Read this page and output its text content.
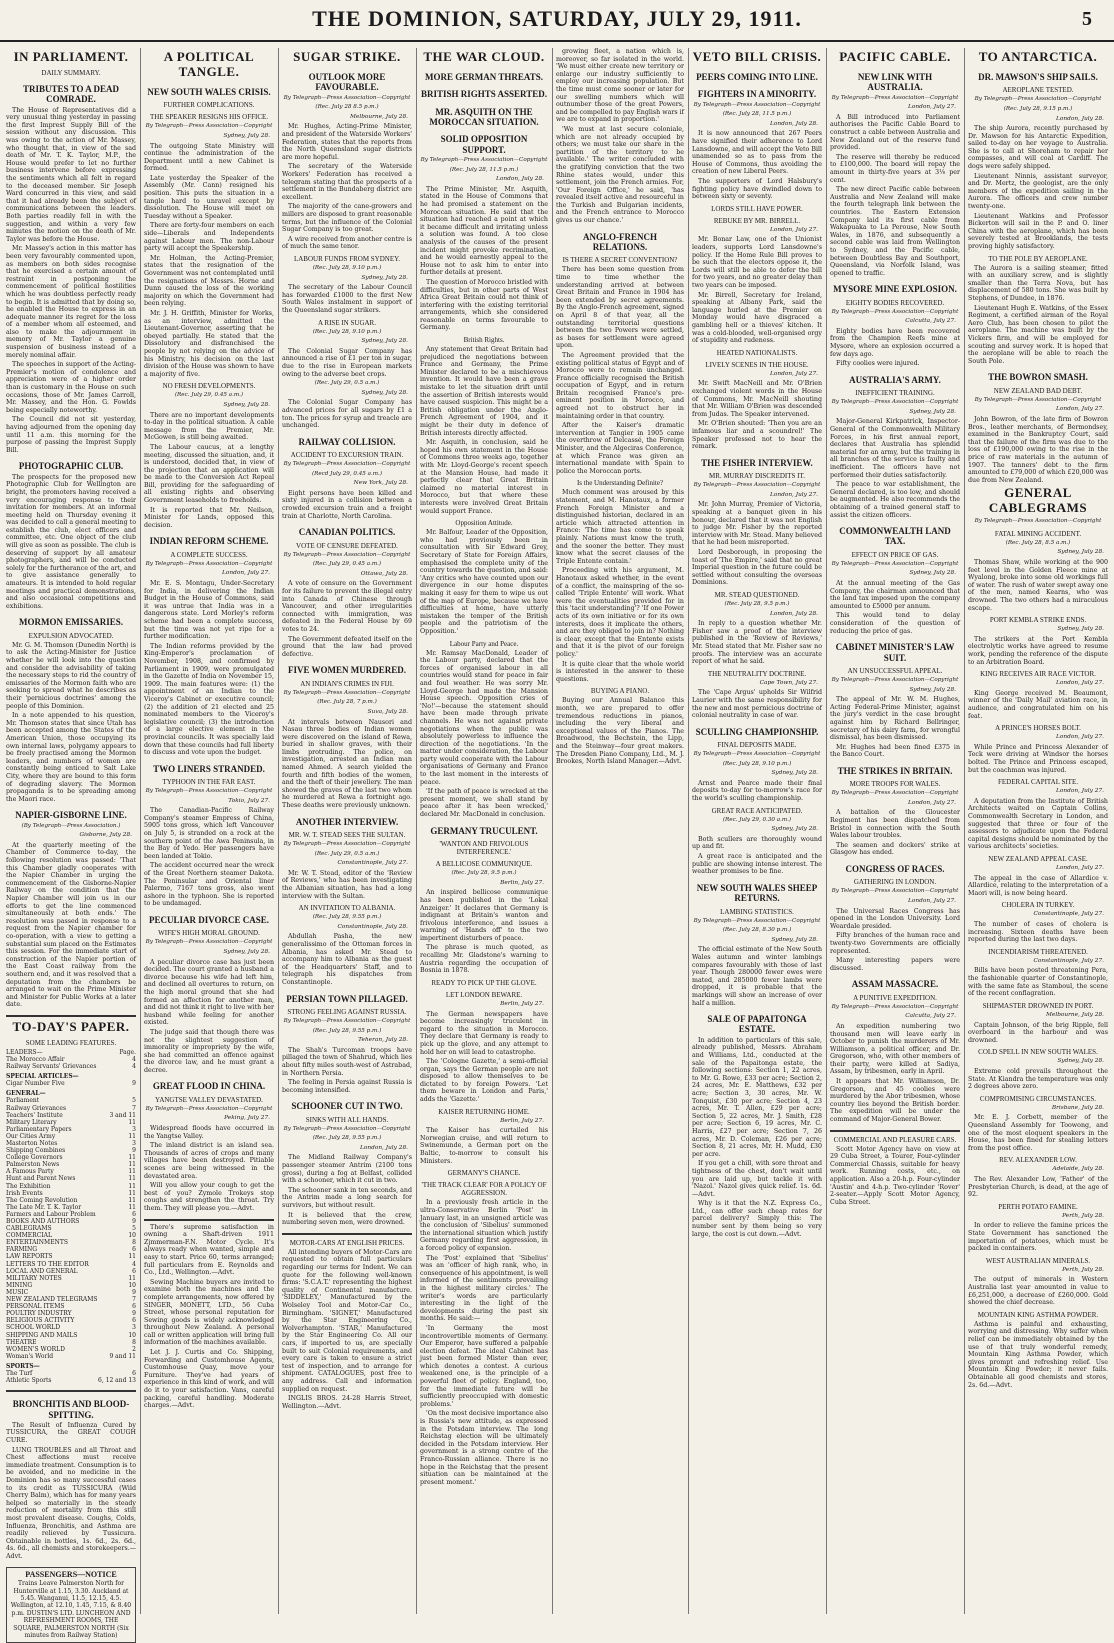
THE DOMINION, SATURDAY, JULY 29, 1911.	5
IN PARLIAMENT.
DAILY SUMMARY.
TRIBUTES TO A DEAD COMRADE.
The House of Representatives did a very unusual thing yesterday in passing the first Imprest Supply Bill of the session without any discussion. This was owing to the action of Mr. Massey, who thought that, in view of the sad death of Mr. T. K. Taylor, M.P., the House would prefer to let no further business intervene before expressing the sentiments which all felt in regard to the deceased member. Sir Joseph Ward concurred in this view, and said that it had already been the subject of communications between the leaders. Both parties readily fell in with the suggestion, and within a very few minutes the motion on the death of Mr. Taylor was before the House.
Mr. Massey's action in this matter has been very favourably commented upon, as members on both sides recognise that he exercised a certain amount of restraint in postponing the commencement of political hostilities which he was doubtless perfectly ready to begin. It is admitted that by doing so, he enabled the House to express in an adequate manner its regret for the loss of a member whom all esteemed, and also to make the adjournment in memory of Mr. Taylor a genuine suspension of business instead of a merely nominal affair.
The speeches in support of the Acting-Premier's motion of condolence and appreciation were of a higher order than is customary in the House on such occasions, those of Mr. James Carroll, Mr. Massey, and the Hon. G. Fowlds being especially noteworthy.
The Council did not sit yesterday, having adjourned from the opening day until 11 a.m. this morning for the purpose of passing the Imprest Supply Bill.
PHOTOGRAPHIC CLUB.
The prospects for the proposed new Photographic Club for Wellington are bright, the promoters having received a very encouraging response to their invitation for members. At an informal meeting held on Thursday evening it was decided to call a general meeting to establish the club, elect officers and committee, etc. One object of the club will give as soon as possible. The club is deserving of support by all amateur photographers, and will be conducted solely for the furtherance of the art, and to give assistance generally to amateurs. It is intended to hold regular meetings and practical demonstrations, and also occasional competitions and exhibitions.
MORMON EMISSARIES.
EXPULSION ADVOCATED.
Mr. G. M. Thomson (Dunedin North) is to ask the Acting-Minister for Justice whether he will look into the question and consider the advisability of taking the necessary steps to rid the country of emissaries of the Mormon faith who are seeking to spread what he describes as their 'pernicious doctrines' among the people of this Dominion.
In a note appended to his question, Mr. Thomson states that since Utah has been accepted among the States of the American Union, those occupying its own internal laws, polygamy appears to be freely practised among the Mormon leaders, and numbers of women are constantly being enticed to Salt Lake City, where they are bound to this form of degrading slavery. The Mormon propaganda is to be spreading among the Maori race.
NAPIER-GISBORNE LINE.
(By Telegraph—Press Association.)
Gisborne, July 28.
At the quarterly meeting of the Chamber of Commerce to-day, the following resolution was passed: 'That this Chamber gladly cooperates with the Napier Chamber in urging the commencement of the Gisborne-Napier Railway on the condition that the Napier Chamber will join us in our efforts to get the line commenced simultaneously at both ends.' The resolution was passed in response to a request from the Napier chamber for co-operation, with a view to getting a substantial sum placed on the Estimates this session. For the immediate start of construction of the Napier portion of the East Coast railway from the southern end, and it was resolved that a deputation from the chambers be arranged to wait on the Prime Minister and Minister for Public Works at a later date.
TO-DAY'S PAPER.
SOME LEADING FEATURES.
LEADERS—	Page.
The Morocco Affair	4
Railway Servants' Grievances	4
SPECIAL ARTICLES—
Cigar Number Five	9
GENERAL—
Parliament	5
Railway Grievances	7
Teachers' Institute	3 and 11
Military Literary	11
Parliamentary Papers	3
Our Cities Army	11
Masterton Notes	3
Shipping Combines	9
College Governors	11
Palmerston News	11
A Famous Party	11
Hunt and Parent News	11
The Exhibition	11
Irish Events	11
The Coming Revolution	11
The Late Mr. T. K. Taylor	11
Farmers and Labour Problem	6
BOOKS AND AUTHORS	9
CABLEGRAMS	5
COMMERCIAL	10
ENTERTAINMENTS	8
FARMING	6
LAW REPORTS	11
LETTERS TO THE EDITOR	4
LOCAL AND GENERAL	6
MILITARY NOTES	11
MINING	10
MUSIC	9
NEW ZEALAND TELEGRAMS	7
PERSONAL ITEMS	6
POULTRY INDUSTRY	9
RELIGIOUS ACTIVITY	6
SCHOOL WORLD	3
SHIPPING AND MAILS	10
THEATRE	8
WOMEN'S WORLD	2
Woman's World	9 and 11
SPORTS—
The Turf	6
Athletic Sports	6, 12 and 13
BRONCHITIS AND BLOOD-SPITTING.
The Result of Influenza Cured by TUSSICURA, the GREAT COUGH CURE.
LUNG TROUBLES and all Throat and Chest affections must receive immediate treatment. Consumption is to be avoided, and no medicine in the Dominion has so many successful cases to its credit as TUSSICURA (Wild Cherry Balm), which has for many years helped so materially in the steady reduction of mortality from this still most prevalent disease. Coughs, Colds, Influenza, Bronchitis, and Asthma are readily relieved by Tussicura. Obtainable in bottles, 1s. 6d., 2s. 6d., 4s. 6d., all chemists and storekeepers.—Advt.
PASSENGERS—NOTICE
Trains Leave Palmerston North for Hunterville at 1.15, 3.30. Auckland at 5.45. Wanganui, 11.5, 12.15, 4.5. Wellington, at 12.10, 1.45, 7.15, & 8.40 p.m. DUSTIN'S LTD. LUNCHEON AND REFRESHMENT ROOMS, THE SQUARE, PALMERSTON NORTH (Six minutes from Railway Station)
A POLITICAL TANGLE.
NEW SOUTH WALES CRISIS.
FURTHER COMPLICATIONS.
THE SPEAKER RESIGNS HIS OFFICE.
By Telegraph—Press Association—Copyright
Sydney, July 28.
The outgoing State Ministry will continue the administration of the Department until a new Cabinet is formed.
Late yesterday the Speaker of the Assembly (Mr. Cann) resigned his position. This puts the situation in a tangle hard to unravel except by dissolution. The House will meet on Tuesday without a Speaker.
There are forty-four members on each side—Liberals and Independents against Labour men. The non-Labour party will accept the Speakership.
Mr. Holman, the Acting-Premier, states that the resignation of the Government was not contemplated until the resignations of Messrs. Horne and Dunn caused the loss of the working majority on which the Government had been relying.
Mr. J. H. Griffith, Minister for Works, as an interview, admitted the Lieutenant-Governor, asserting that he obeyed partially. He stated that the Dissolutory and disfranchised the people by not relying on the advice of his Ministry, his decision on the last division of the House was shown to have a majority of five.
NO FRESH DEVELOPMENTS.
(Rec. July 29, 0.45 a.m.)
Sydney, July 28.
There are no important developments to-day in the political situation. A cable message from the Premier, Mr. McGowen, is still being awaited.
The Labour caucus, at a lengthy meeting, discussed the situation, and, it is understood, decided that, in view of the projection that an application will be made to the Conversion Act Repeal Bill, providing for the safeguarding of all existing rights and observing Government leaseholds to freeholds.
It is reported that Mr. Neilson, Minister for Lands, opposed this decision.
INDIAN REFORM SCHEME.
A COMPLETE SUCCESS.
By Telegraph—Press Association—Copyright
London, July 27.
Mr. E. S. Montagu, Under-Secretary for India, in delivering the Indian Budget in the House of Commons, said it was untrue that India was in a dangerous state. Lord Morley's reform scheme had been a complete success, but the time was not yet ripe for a further modification.
The Indian reforms provided by the King-Emperor's proclamation of November, 1908, and confirmed by Parliament in 1909, were promulgated in the Gazette of India on November 15, 1909. The main features were: (1) the appointment of an Indian to the Viceroy's Cabinet or executive council; (2) the addition of 21 elected and 25 nominated members to the Viceroy's legislative council; (3) the introduction of a large elective element in the provincial councils. It was specially laid down that these councils had full liberty to discuss and vote upon the budget.
TWO LINERS STRANDED.
TYPHOON IN THE FAR EAST.
By Telegraph—Press Association—Copyright
Tokio, July 27.
The Canadian-Pacific Railway Company's steamer Empress of China, 5905 tons gross, which left Vancouver on July 5, is stranded on a rock at the southern point of the Awa Peninsula, in the Bay of Yedo. Her passengers have been landed at Tokio.
The accident occurred near the wreck of the Great Northern steamer Dakota. The Peninsular and Oriental liner Palermo, 7167 tons gross, also went ashore in the typhoon. She is reported to be undamaged.
PECULIAR DIVORCE CASE.
WIFE'S HIGH MORAL GROUND.
By Telegraph—Press Association—Copyright
Sydney, July 28.
A peculiar divorce case has just been decided. The court granted a husband a divorce because his wife had left him, and declined all overtures to return, on the high moral ground that she had formed an affection for another man, and did not think it right to live with her husband while feeling for another existed.
The judge said that though there was not the slightest suggestion of immorality or impropriety by the wife, she had committed an offence against the divorce law, and he must grant a decree.
GREAT FLOOD IN CHINA.
YANGTSE VALLEY DEVASTATED.
By Telegraph—Press Association—Copyright
Peking, July 27.
Widespread floods have occurred in the Yangtse Valley.
The inland district is an island sea. Thousands of acres of crops and many villages have been destroyed. Pitiable scenes are being witnessed in the devastated area.
Will you allow your cough to get the best of you? Zymole Trokeys stop coughs and strengthen the throat. Try them. They will please you.—Advt.
There's supreme satisfaction in owning a Shaft-driven 1911 Zjmmerman-F.N. Motor Cycle. It's always ready when wanted, simple and easy to start. Price 60, terms arranged; full particulars from E. Reynolds and Co., Ltd., Wellington.—Advt.
Sewing Machine buyers are invited to examine both the machines and the complete arrangements, now offered by SINGER, MONETT, LTD., 56 Cuba Street, whose personal reputation for Sewing goods is widely acknowledged throughout New Zealand. A personal call or written application will bring full information of the machines available.
Let J. J. Curtis and Co. Shipping, Forwarding and Customhouse Agents, Customhouse Quay, move your Furniture. They've had years of experience in this kind of work, and will do it to your satisfaction. Vans, careful packing, careful handling. Moderate charges.—Advt.
SUGAR STRIKE.
OUTLOOK MORE FAVOURABLE.
By Telegraph—Press Association—Copyright
(Rec. July 28 8.5 p.m.)
Melbourne, July 28.
Mr. Hughes, Acting-Prime Minister, and president of the Waterside Workers' Federation, states that the reports from the North Queensland sugar districts are more hopeful.
The secretary of the Waterside Workers' Federation has received a telegram stating that the prospects of a settlement in the Bundaberg district are excellent.
The majority of the cane-growers and millers are disposed to grant reasonable terms, but the influence of the Colonial Sugar Company is too great.
A wire received from another centre is of much the same tenor.
LABOUR FUNDS FROM SYDNEY.
(Rec. July 28, 9.10 p.m.)
Sydney, July 28.
The secretary of the Labour Council has forwarded £1000 to the first New South Wales instalment in support of the Queensland sugar strikers.
A RISE IN SUGAR.
(Rec. July 28, 9.10 p.m.)
Sydney, July 28.
The Colonial Sugar Company has announced a rise of £1 per ton in sugar, due to the rise in European markets owing to the adverse beet crops.
(Rec. July 29, 0.5 a.m.)
Sydney, July 28.
The Colonial Sugar Company has advanced prices for all sugars by £1 a ton. The prices for syrup and treacle are unchanged.
RAILWAY COLLISION.
ACCIDENT TO EXCURSION TRAIN.
By Telegraph—Press Association—Copyright
(Recd July 29, 0.45 a.m.)
New York, July 28.
Eight persons have been killed and sixty injured in a collision between a crowded excursion train and a freight train at Charlotte, North Carolina.
CANADIAN POLITICS.
VOTE OF CENSURE DEFEATED.
By Telegraph—Press Association—Copyright
(Rec. July 29, 0.45 a.m.)
Ottawa, July 28.
A vote of censure on the Government for its failure to prevent the illegal entry into Canada of Chinese through Vancouver, and other irregularities connected with immigration, was defeated in the Federal House by 69 votes to 24.
The Government defeated itself on the ground that the law had proved defective.
FIVE WOMEN MURDERED.
AN INDIAN'S CRIMES IN FIJI.
By Telegraph—Press Association—Copyright
(Rec. July 28, 7 p.m.)
Suva, July 28.
At intervals between Nausori and Nasau three bodies of Indian women were discovered on the island of Rewa, buried in shallow graves, with their limbs protruding. The police, on investigation, arrested an Indian man named Ahmed. A search yielded the fourth and fifth bodies of the women, and the theft of their jewellery. The man showed the graves of the last two whom he murdered at Rewa a fortnight ago. These deaths were previously unknown.
ANOTHER INTERVIEW.
MR. W. T. STEAD SEES THE SULTAN.
By Telegraph—Press Association—Copyright
(Rec. July 29, 0.5 a.m.)
Constantinople, July 27.
Mr. W. T. Stead, editor of the 'Review of Reviews,' who has been investigating the Albanian situation, has had a long interview with the Sultan.
AN INVITATION TO ALBANIA.
(Rec. July 28, 9.55 p.m.)
Constantinople, July 28.
Abdullah Pasha, the new generalissimo of the Ottoman forces in Albania, has asked Mr. Stead to accompany him to Albania as the guest of the Headquarters' Staff, and to telegraph his dispatches from Constantinople.
PERSIAN TOWN PILLAGED.
STRONG FEELING AGAINST RUSSIA.
By Telegraph—Press Association—Copyright
(Rec. July 28, 9.55 p.m.)
Teheran, July 28.
The Shah's Turcoman troops have pillaged the town of Shahrud, which lies about fifty miles south-west of Astrabad, in Northern Persia.
The feeling in Persia against Russia is becoming intensified.
SCHOONER CUT IN TWO.
SINKS WITH ALL HANDS.
By Telegraph—Press Association—Copyright
(Rec. July 28, 9.55 p.m.)
London, July 28.
The Midland Railway Company's passenger steamer Antrim (2100 tons gross), during a fog at Belfast, collided with a schooner, which it cut in two.
The schooner sank in ten seconds, and the Antrim made a long search for survivors, but without result.
It is believed that the crew, numbering seven men, were drowned.
MOTOR-CARS AT ENGLISH PRICES.
All intending buyers of Motor-Cars are requested to obtain full particulars regarding our terms for Indent. We can quote for the following well-known firms: 'S.C.A.T.' representing the highest quality of Continental manufacture. 'SIDDELEY,' Manufactured by the Wolseley Tool and Motor-Car Co., Birmingham. 'SIGNET,' Manufactured by the Star Engineering Co., Wolverhampton. 'STAR,' Manufactured by the Star Engineering Co. All our cars, if imported to us, are specially built to suit Colonial requirements, and every care is taken to ensure a strict test of inspection, and to arrange for shipment. CATALOGUES, post free to any address. Call and information supplied on request.
INGLIS BROS. 24-28 Harris Street, Wellington.—Advt.
THE WAR CLOUD.
MORE GERMAN THREATS.
BRITISH RIGHTS ASSERTED.
MR. ASQUITH ON THE MOROCCAN SITUATION.
SOLID OPPOSITION SUPPORT.
By Telegraph—Press Association—Copyright
(Rec. July 28, 11.5 p.m.)
London, July 28.
The Prime Minister, Mr. Asquith, stated in the House of Commons that he had promised a statement on the Moroccan situation. He said that the situation had reached a point at which it became difficult and irritating unless a solution was found. A too close analysis of the causes of the present incident might provoke recrimination, and he would earnestly appeal to the House not to ask him to enter into further details at present.
The question of Morocco bristled with difficulties, but in other parts of West Africa Great Britain could not think of interfering with the existing territorial arrangements, which she considered reasonable on terms favourable to Germany.
British Rights.
Any statement that Great Britain had prejudiced the negotiations between France and Germany, the Prime Minister declared to be a mischievous invention. It would have been a grave mistake to let the situation drift until the assertion of British interests would have caused suspicion. This might be a British obligation under the Anglo-French Agreement of 1904, and it might be their duty in defence of British interests directly affected.
Mr. Asquith, in conclusion, said he hoped his own statement in the House of Commons three weeks ago, together with Mr. Lloyd-George's recent speech at the Mansion House, had made it perfectly clear that Great Britain claimed no material interest in Morocco, but that where these interests were involved Great Britain would support France.
Opposition Attitude.
Mr. Balfour, Leader of the Opposition, who had previously been in consultation with Sir Edward Grey, Secretary of State for Foreign Affairs, emphasised the complete unity of the country towards the question, and said: 'Any critics who have counted upon our divergence in our home disputes making it easy for them to wipe us out of the map of Europe, because we have difficulties at home, have utterly mistaken the temper of the British people and the patriotism of the Opposition.'
Labour Party and Peace.
Mr. Ramsay MacDonald, Leader of the Labour party, declared that the forces of organised labour in all countries would stand for peace in fair and foul weather. He was sorry Mr. Lloyd-George had made the Mansion House speech. Opposition cries of 'No!'—because the statement should have been made through private channels. He was not against private negotiations when the public was absolutely powerless to influence the direction of the negotiations. 'In the matter under consideration, the Labour party would cooperate with the Labour organisations of Germany and France to the last moment in the interests of peace.
'If the path of peace is wrecked at the present moment, we shall stand by peace after it has been wrecked,' declared Mr. MacDonald in conclusion.
GERMANY TRUCULENT.
'WANTON AND FRIVOLOUS INTERFERENCE.'
A BELLICOSE COMMUNIQUE.
(Rec. July 28, 9.5 p.m.)
Berlin, July 27.
An inspired bellicose communique has been published in the 'Lokal Anzeiger.' It declares that Germany is indignant at Britain's wanton and frivolous interference, and issues a warning of 'Hands off' to the two impertinent disturbers of peace.
The phrase is much quoted, as recalling Mr. Gladstone's warning to Austria regarding the occupation of Bosnia in 1878.
READY TO PICK UP THE GLOVE.
LET LONDON BEWARE.
Berlin, July 27.
The German newspapers have become increasingly truculent in regard to the situation in Morocco. They declare that Germany is ready to pick up the glove, and any attempt to hold her on will lead to catastrophe.
The 'Cologne Gazette,' a semi-official organ, says the German people are not disposed to allow themselves to be dictated to by foreign Powers. 'Let them beware in London and Paris,' adds the 'Gazette.'
KAISER RETURNING HOME.
Berlin, July 27.
The Kaiser has curtailed his Norwegian cruise, and will return to Swinemunde, a German port on the Baltic, to-morrow to consult his Ministers.
GERMANY'S CHANCE.
'THE TRACK CLEAR' FOR A POLICY OF AGGRESSION.
In a previously fresh article in the ultra-Conservative Berlin 'Post' in January last, in an unsigned article was the conclusion of 'Sibelius' summoned the international situation which justify Germany regarding first aggression, in a forced policy of expansion.
The 'Post' explained that 'Sibelius' was an 'officer of high rank, who, in consequence of his appointment, is well informed of the sentiments prevailing in the highest military circles.' The writer's words are particularly interesting in the light of the developments during the past six months. He said:—
'In Germany the most incontrovertible moments of Germany. Our Emperor, have suffered a palpable election defeat. The ideal Cabinet has just been formed Mister than ever, which denotes a contest. A curious weakened one, is the principle of a powerful fleet of policy. England, too, for the immediate future will be sufficiently preoccupied with domestic problems.'
'On the most decisive importance also is Russia's new attitude, as expressed in the Potsdam interview. The long Reichstag election will be ultimately decided in the Potsdam interview. Her government is a strong centre of the Franco-Russian alliance. There is no hope in the Reichstag that the present situation can be maintained at the present moment.'
growing fleet, a nation which is, moreover, so far isolated in the world. 'We must either create new territory or enlarge our industry sufficiently to employ our increasing population. But the time must come sooner or later for our swelling numbers which will outnumber those of the great Powers, and be compelled to pay English wars if we are to expand in proportion.'
'We must at last secure coloniale, which are not already occupied by others; we must take our share in the partition of the territory to be available.' The writer concluded with the gratifying conviction that the two Rhine states would, under this settlement, join the French armies. For, 'Our Foreign Office,' he said, 'has revealed itself active and resourceful in the Turkish and Bulgarian incidents, and the French entrance to Morocco gives us our chance.'
ANGLO-FRENCH RELATIONS.
IS THERE A SECRET CONVENTION?
There has been some question from time to time whether the understanding arrived at between Great Britain and France in 1904 has been extended by secret agreements. By the Anglo-French agreement, signed on April 8 of that year, all the outstanding territorial questions between the two Powers were settled, as bases for settlement were agreed upon.
The Agreement provided that the existing political status of Egypt and of Morocco were to remain unchanged. France officially recognised the British occupation of Egypt, and in return Britain recognised France's pre-eminent position in Morocco, and agreed not to obstruct her in maintaining order in that country.
After the Kaiser's dramatic intervention at Tangier in 1905 came the overthrow of Delcassé, the Foreign Minister, and the Algeciras Conference, at which France was given an international mandate with Spain to police the Moroccan ports.
Is the Understanding Definite?
Much comment was aroused by this statement, and M. Hanotaux, a former French Foreign Minister and a distinguished historian, declared in an article which attracted attention in France: 'The time has come to speak plainly. Nations must know the truth, and the sooner the better. They must know what the secret clauses of the Triple Entente contain.'
Proceeding with his argument, M. Hanotaux asked whether, in the event of a conflict, the mainspring of the so-called 'Triple Entente' will work. What were the eventualities provided for in this 'tacit understanding'? 'If one Power acts of its own initiative or for its own interests, does it implicate the others, and are they obliged to join in? Nothing is clear, except that the Entente exists and that it is the pivot of our foreign policy.'
It is quite clear that the whole world is interested in the answer to these questions.
BUYING A PIANO.
Buying our Annual Balance this month, we are prepared to offer tremendous reductions in pianos, including the very liberal and exceptional values of the Pianos. The Broadwood, the Bechstein, the Lipp, and the Steinway—four great makers. The Dresden Piano Company, Ltd., M. J. Brookes, North Island Manager.—Advt.
VETO BILL CRISIS.
PEERS COMING INTO LINE.
FIGHTERS IN A MINORITY.
By Telegraph—Press Association—Copyright
(Rec. July 28, 11.5 p.m.)
London, July 28.
It is now announced that 267 Peers have signified their adherence to Lord Lansdowne, and will accept the Veto Bill unamended so as to pass from the House of Commons, thus avoiding the creation of new Liberal Peers.
The supporters of Lord Halsbury's fighting policy have dwindled down to between sixty or seventy.
LORDS STILL HAVE POWER.
REBUKE BY MR. BIRRELL.
London, July 27.
Mr. Bonar Law, one of the Unionist leaders, supports Lord Lansdowne's policy. If the Home Rule Bill proves to be such that the electors oppose it, the Lords will still be able to defer the bill for two years, and no greater delay than two years can be imposed.
Mr. Birrell, Secretary for Ireland, speaking at Albany Park, said the language hurled at the Premier on Monday would have disgraced a gambling hell or a thieves' kitchen. It was a cold-blooded, well-organised orgy of stupidity and rudeness.
HEATED NATIONALISTS.
LIVELY SCENES IN THE HOUSE.
London, July 27.
Mr. Swift MacNeill and Mr. O'Brien exchanged violent words in the House of Commons, Mr. MacNeill shouting that Mr. William O'Brien was descended from Judas. The Speaker intervened.
Mr. O'Brien shouted: 'Then you are an infamous liar and a scoundrel!' The Speaker professed not to hear the remark.
THE FISHER INTERVIEW.
MR. MURRAY DISCREDITS IT.
By Telegraph—Press Association—Copyright
London, July 27.
Mr. John Murray, Premier of Victoria, speaking at a banquet given in his honour, declared that it was not English to judge Mr. Fisher by the reported interview with Mr. Stead. Many believed that he had been misreported.
Lord Desborough, in proposing the toast of 'The Empire,' said that no great Imperial question in the future could be settled without consulting the overseas Dominions.
MR. STEAD QUESTIONED.
(Rec. July 28, 9.5 p.m.)
London, July 28.
In reply to a question whether Mr. Fisher saw a proof of the interview published in the 'Review of Reviews,' Mr. Stead stated that Mr. Fisher saw no proofs. The interview was an accurate report of what he said.
THE NEUTRALITY DOCTRINE.
Cape Town, July 27.
The 'Cape Argus' upholds Sir Wilfrid Laurier with the same responsibility for the new and most pernicious doctrine of colonial neutrality in case of war.
SCULLING CHAMPIONSHIP.
FINAL DEPOSITS MADE.
By Telegraph—Press Association—Copyright
(Rec. July 28, 9.10 p.m.)
Sydney, July 28.
Arnst and Pearce made their final deposits to-day for to-morrow's race for the world's sculling championship.
GREAT RACE ANTICIPATED.
(Rec. July 29, 0.30 a.m.)
Sydney, July 28.
Both scullers are thoroughly wound up and fit.
A great race is anticipated and the public are showing intense interest. The weather promises to be fine.
NEW SOUTH WALES SHEEP RETURNS.
LAMBING STATISTICS.
By Telegraph—Press Association—Copyright
(Rec. July 28, 8.30 p.m.)
Sydney, July 28.
The official estimate of the New South Wales autumn and winter lambings compares favourably with those of last year. Though 280000 fewer ewes were mated, and 285000 fewer lambs were dropped, it is probable that the markings will show an increase of over half a million.
SALE OF PAPAITONGA ESTATE.
In addition to particulars of this sale, already published, Messrs. Abraham and Williams, Ltd., conducted at the sale of the Papaitonga estate, the following sections: Section 1, 22 acres, to Mr. G. Rowe, £33 per acre; Section 2, 24 acres, Mr. E. Matthews, £32 per acre; Section 3, 30 acres, Mr. W. Tonquist, £30 per acre; Section 4, 23 acres, Mr. T. Allen, £29 per acre; Section 5, 22 acres, Mr. J. Smith, £28 per acre; Section 6, 19 acres, Mr. C. Harris, £27 per acre; Section 7, 26 acres, Mr. D. Coleman, £26 per acre; Section 8, 21 acres, Mr. H. Mudd, £30 per acre.
If you get a chill, with sore throat and tightness of the chest, don't wait until you are laid up, but tackle it with 'Nazol.' Nazol gives quick relief. 1s. 6d.—Advt.
Why is it that the N.Z. Express Co., Ltd., can offer such cheap rates for parcel delivery? Simply this: The number sent by them being so very large, the cost is cut down.—Advt.
PACIFIC CABLE.
NEW LINK WITH AUSTRALIA.
By Telegraph—Press Association—Copyright
London, July 27.
A Bill introduced into Parliament authorises the Pacific Cable Board to construct a cable between Australia and New Zealand out of the reserve fund provided.
The reserve will thereby be reduced to £100,000. The board will repay the amount in thirty-five years at 3⅛ per cent.
The new direct Pacific cable between Australia and New Zealand will make the fourth telegraph link between the countries. The Eastern Extension Company laid its first cable from Wakapuaka to La Perouse, New South Wales, in 1876, and subsequently a second cable was laid from Wellington to Sydney, and the Pacific cable, between Doubtless Bay and Southport, Queensland, via Norfolk Island, was opened to traffic.
MYSORE MINE EXPLOSION.
EIGHTY BODIES RECOVERED.
By Telegraph—Press Association—Copyright
Calcutta, July 27.
Eighty bodies have been recovered from the Champion Reefs mine at Mysore, where an explosion occurred a few days ago.
Fifty coolies were injured.
AUSTRALIA'S ARMY.
INEFFICIENT TRAINING.
By Telegraph—Press Association—Copyright
Sydney, July 28.
Major-General Kirkpatrick, Inspector-General of the Commonwealth Military Forces, in his first annual report, declares that Australia has splendid material for an army, but the training in all branches of the service is faulty and inefficient. The officers have not performed their duties satisfactorily.
The peace to war establishment, the General declared, is too low, and should be augmented. He also recommends the obtaining of a trained general staff to assist the citizen officers.
COMMONWEALTH LAND TAX.
EFFECT ON PRICE OF GAS.
By Telegraph—Press Association—Copyright
Sydney, July 28.
At the annual meeting of the Gas Company, the chairman announced that the land tax imposed upon the company amounted to £5000 per annum.
This would tend to delay consideration of the question of reducing the price of gas.
CABINET MINISTER'S LAW SUIT.
AN UNSUCCESSFUL APPEAL.
By Telegraph—Press Association—Copyright
Sydney, July 28.
The appeal of Mr. W. M. Hughes, Acting Federal-Prime Minister, against the jury's verdict in the case brought against him by Richard Bellringer, secretary of his dairy farm, for wrongful dismissal, has been dismissed.
Mr. Hughes had been fined £375 in the Banco Court.
THE STRIKES IN BRITAIN.
MORE TROOPS FOR WALES.
By Telegraph—Press Association—Copyright
London, July 27.
A battalion of the Gloucester Regiment has been dispatched from Bristol in connection with the South Wales labour troubles.
The seamen and dockers' strike at Glasgow has ended.
CONGRESS OF RACES.
GATHERING IN LONDON.
By Telegraph—Press Association—Copyright
London, July 27.
The Universal Races Congress has opened in the London University. Lord Weardale presided.
Fifty branches of the human race and twenty-two Governments are officially represented.
Many interesting papers were discussed.
ASSAM MASSACRE.
A PUNITIVE EXPEDITION.
By Telegraph—Press Association—Copyright
Calcutta, July 27.
An expedition numbering two thousand men will leave early in October to punish the murderers of Mr. Williamson, a political officer, and Dr. Gregorson, who, with other members of their party, were killed at Sadiya, Assam, by tribesmen, early in April.
It appears that Mr. Williamson, Dr. Gregorson, and 45 coolies were murdered by the Abor tribesmen, whose country lies beyond the British border. The expedition will be under the command of Major-General Bower.
COMMERCIAL AND PLEASURE CARS.
Scott Motor Agency have on view at 29 Cuba Street, a Tourer, Four-cylinder Commercial Chassis, suitable for heavy work. Running costs, etc., on application. Also a 20-h.p. Four-cylinder 'Austin' and 4-h.p. Two-cylinder 'Rover' 2-seater.—Apply Scott Motor Agency, Cuba Street.
TO ANTARCTICA.
DR. MAWSON'S SHIP SAILS.
AEROPLANE TESTED.
By Telegraph—Press Association—Copyright
(Rec. July 28, 9.15 p.m.)
London, July 28.
The ship Aurora, recently purchased by Dr. Mawson for his Antarctic Expedition, sailed to-day on her voyage to Australia. She is to call at Shoreham to repair her compasses, and will coal at Cardiff. The dogs were safely shipped.
Lieutenant Ninnis, assistant surveyor, and Dr. Mertz, the geologist, are the only members of the expedition sailing in the Aurora. The officers and crew number twenty-one.
Lieutenant Watkins and Professor Bickerton will sail in the P. and O. liner China with the aeroplane, which has been severely tested at Brooklands, the tests proving highly satisfactory.
TO THE POLE BY AEROPLANE.
The Aurora is a sailing steamer, fitted with an auxiliary screw, and is slightly smaller than the Terra Nova, but has displacement of 580 tons. She was built by Stephens, of Dundee, in 1876.
Lieutenant Hugh E. Watkins, of the Essex Regiment, a certified airman of the Royal Aero Club, has been chosen to pilot the aeroplane. The machine was built by the Vickers firm, and will be employed for scouting and survey work. It is hoped that the aeroplane will be able to reach the South Pole.
THE BOWRON SMASH.
NEW ZEALAND BAD DEBT.
By Telegraph—Press Association—Copyright
London, July 27.
John Bowron, of the late firm of Bowron Bros., leather merchants, of Bermondsey, examined in the Bankruptcy Court, said that the failure of the firm was due to the loss of £190,000 owing to the rise in the price of raw materials in the autumn of 1907. The tanners' debt to the firm amounted to £79,000 of which £20,000 was due from New Zealand.
GENERAL CABLEGRAMS
By Telegraph—Press Association—Copyright
FATAL MINING ACCIDENT.
(Rec. July 28, 8.5 a.m.)
Sydney, July 28.
Thomas Shaw, while working at the 900 feet level in the Golden Fleece mine at Wyalong, broke into some old workings full of water. The rush of water swept away one of the men, named Kearns, who was drowned. The two others had a miraculous escape.
PORT KEMBLA STRIKE ENDS.
Sydney, July 28.
The strikers at the Port Kembla electrolytic works have agreed to resume work, pending the reference of the dispute to an Arbitration Board.
KING RECEIVES AIR RACE VICTOR.
London, July 27.
King George received M. Beaumont, winner of the 'Daily Mail' aviation race, in audience, and congratulated him on his feat.
A PRINCE'S HORSES BOLT.
London, July 27.
While Prince and Princess Alexander of Teck were driving at Windsor the horses bolted. The Prince and Princess escaped, but the coachman was injured.
FEDERAL CAPITAL SITE.
London, July 27.
A deputation from the Institute of British Architects waited on Captain Collins, Commonwealth Secretary in London, and suggested that three or four of the assessors to adjudicate upon the Federal capital designs should be nominated by the various architects' societies.
NEW ZEALAND APPEAL CASE.
London, July 27.
The appeal in the case of Allardice v. Allardice, relating to the interpretation of a Maori will, is now being heard.
CHOLERA IN TURKEY.
Constantinople, July 27.
The number of cases of cholera is increasing. Sixteen deaths have been reported during the last two days.
INCENDIARISM THREATENED.
Constantinople, July 27.
Bills have been posted threatening Pera, the fashionable quarter of Constantinople, with the same fate as Stamboul, the scene of the recent conflagration.
SHIPMASTER DROWNED IN PORT.
Melbourne, July 28.
Captain Johnson, of the brig Ripple, fell overboard in the harbour and was drowned.
COLD SPELL IN NEW SOUTH WALES.
Sydney, July 28.
Extreme cold prevails throughout the State. At Kiandra the temperature was only 2 degrees above zero.
COMPROMISING CIRCUMSTANCES.
Brisbane, July 28.
Mr. E. J. Corbett, member of the Queensland Assembly for Toowong, and one of the most eloquent speakers in the House, has been fined for stealing letters from the post office.
REV. ALEXANDER LOW.
Adelaide, July 28.
The Rev. Alexander Low, 'Father' of the Presbyterian Church, is dead, at the age of 92.
PERTH POTATO FAMINE.
Perth, July 28.
In order to relieve the famine prices the State Government has sanctioned the importation of potatoes, which must be packed in containers.
WEST AUSTRALIAN MINERALS.
Perth, July 28.
The output of minerals in Western Australia last year amounted in value to £6,251,000, a decrease of £260,000. Gold showed the chief decrease.
MOUNTAIN KING ASTHMA POWDER.
Asthma is painful and exhausting, worrying and distressing. Why suffer when relief can be immediately obtained by the use of that truly wonderful remedy, Mountain King Asthma Powder, which gives prompt and refreshing relief. Use Mountain King Powder; it never fails. Obtainable all good chemists and stores, 2s. 6d.—Advt.
